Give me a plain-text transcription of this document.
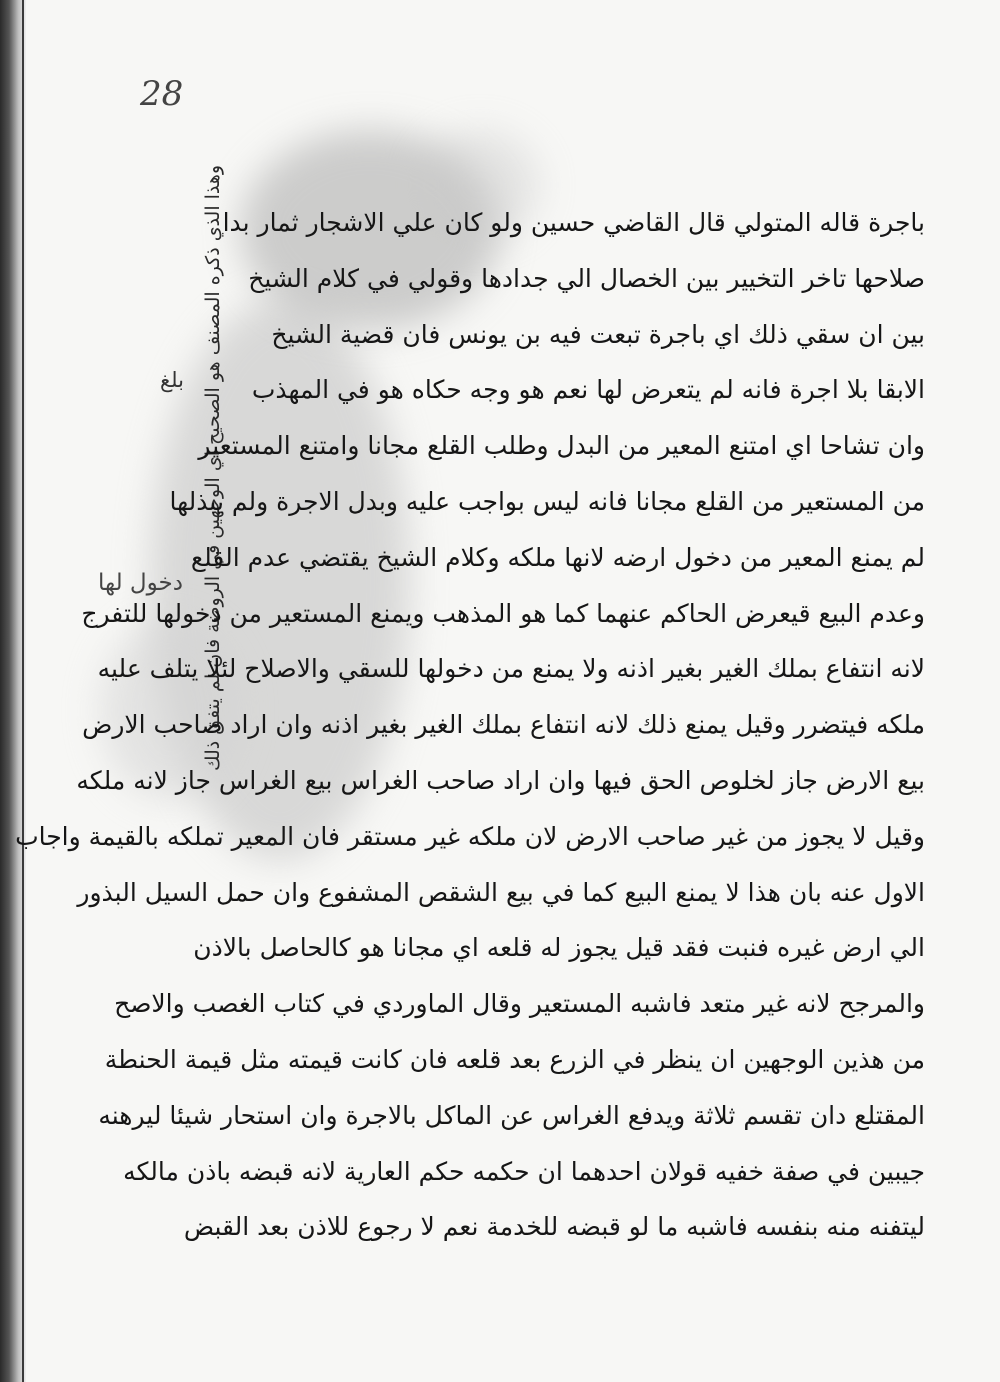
28
وهذا الذي ذكره المصنف هو الصحيح اي الوجهين في الروضة فان لم يتفق ذلك
بلغ
دخول لها
باجرة قاله المتولي قال القاضي حسين ولو كان علي الاشجار ثمار بدا
صلاحها تاخر التخيير بين الخصال الي جدادها وقولي في كلام الشيخ
بين ان سقي ذلك اي باجرة تبعت فيه بن يونس فان قضية الشيخ
الابقا بلا اجرة فانه لم يتعرض لها نعم هو وجه حكاه هو في المهذب
وان تشاحا اي امتنع المعير من البدل وطلب القلع مجانا وامتنع المستعير
من المستعير من القلع مجانا فانه ليس بواجب عليه وبدل الاجرة ولم يبذلها
لم يمنع المعير من دخول ارضه لانها ملكه وكلام الشيخ يقتضي عدم القلع
وعدم البيع قيعرض الحاكم عنهما كما هو المذهب ويمنع المستعير من دخولها للتفرج
لانه انتفاع بملك الغير بغير اذنه ولا يمنع من دخولها للسقي والاصلاح لئلا يتلف عليه
ملكه فيتضرر وقيل يمنع ذلك لانه انتفاع بملك الغير بغير اذنه وان اراد صاحب الارض
بيع الارض جاز لخلوص الحق فيها وان اراد صاحب الغراس بيع الغراس جاز لانه ملكه
وقيل لا يجوز من غير صاحب الارض لان ملكه غير مستقر فان المعير تملكه بالقيمة واجاب
الاول عنه بان هذا لا يمنع البيع كما في بيع الشقص المشفوع وان حمل السيل البذور
الي ارض غيره فنبت فقد قيل يجوز له قلعه اي مجانا هو كالحاصل بالاذن
والمرجح لانه غير متعد فاشبه المستعير وقال الماوردي في كتاب الغصب والاصح
من هذين الوجهين ان ينظر في الزرع بعد قلعه فان كانت قيمته مثل قيمة الحنطة
المقتلع دان تقسم ثلاثة ويدفع الغراس عن الماكل بالاجرة وان استحار شيئا ليرهنه
جيبين في صفة خفيه قولان احدهما ان حكمه حكم العارية لانه قبضه باذن مالكه
ليتفنه منه بنفسه فاشبه ما لو قبضه للخدمة نعم لا رجوع للاذن بعد القبض
